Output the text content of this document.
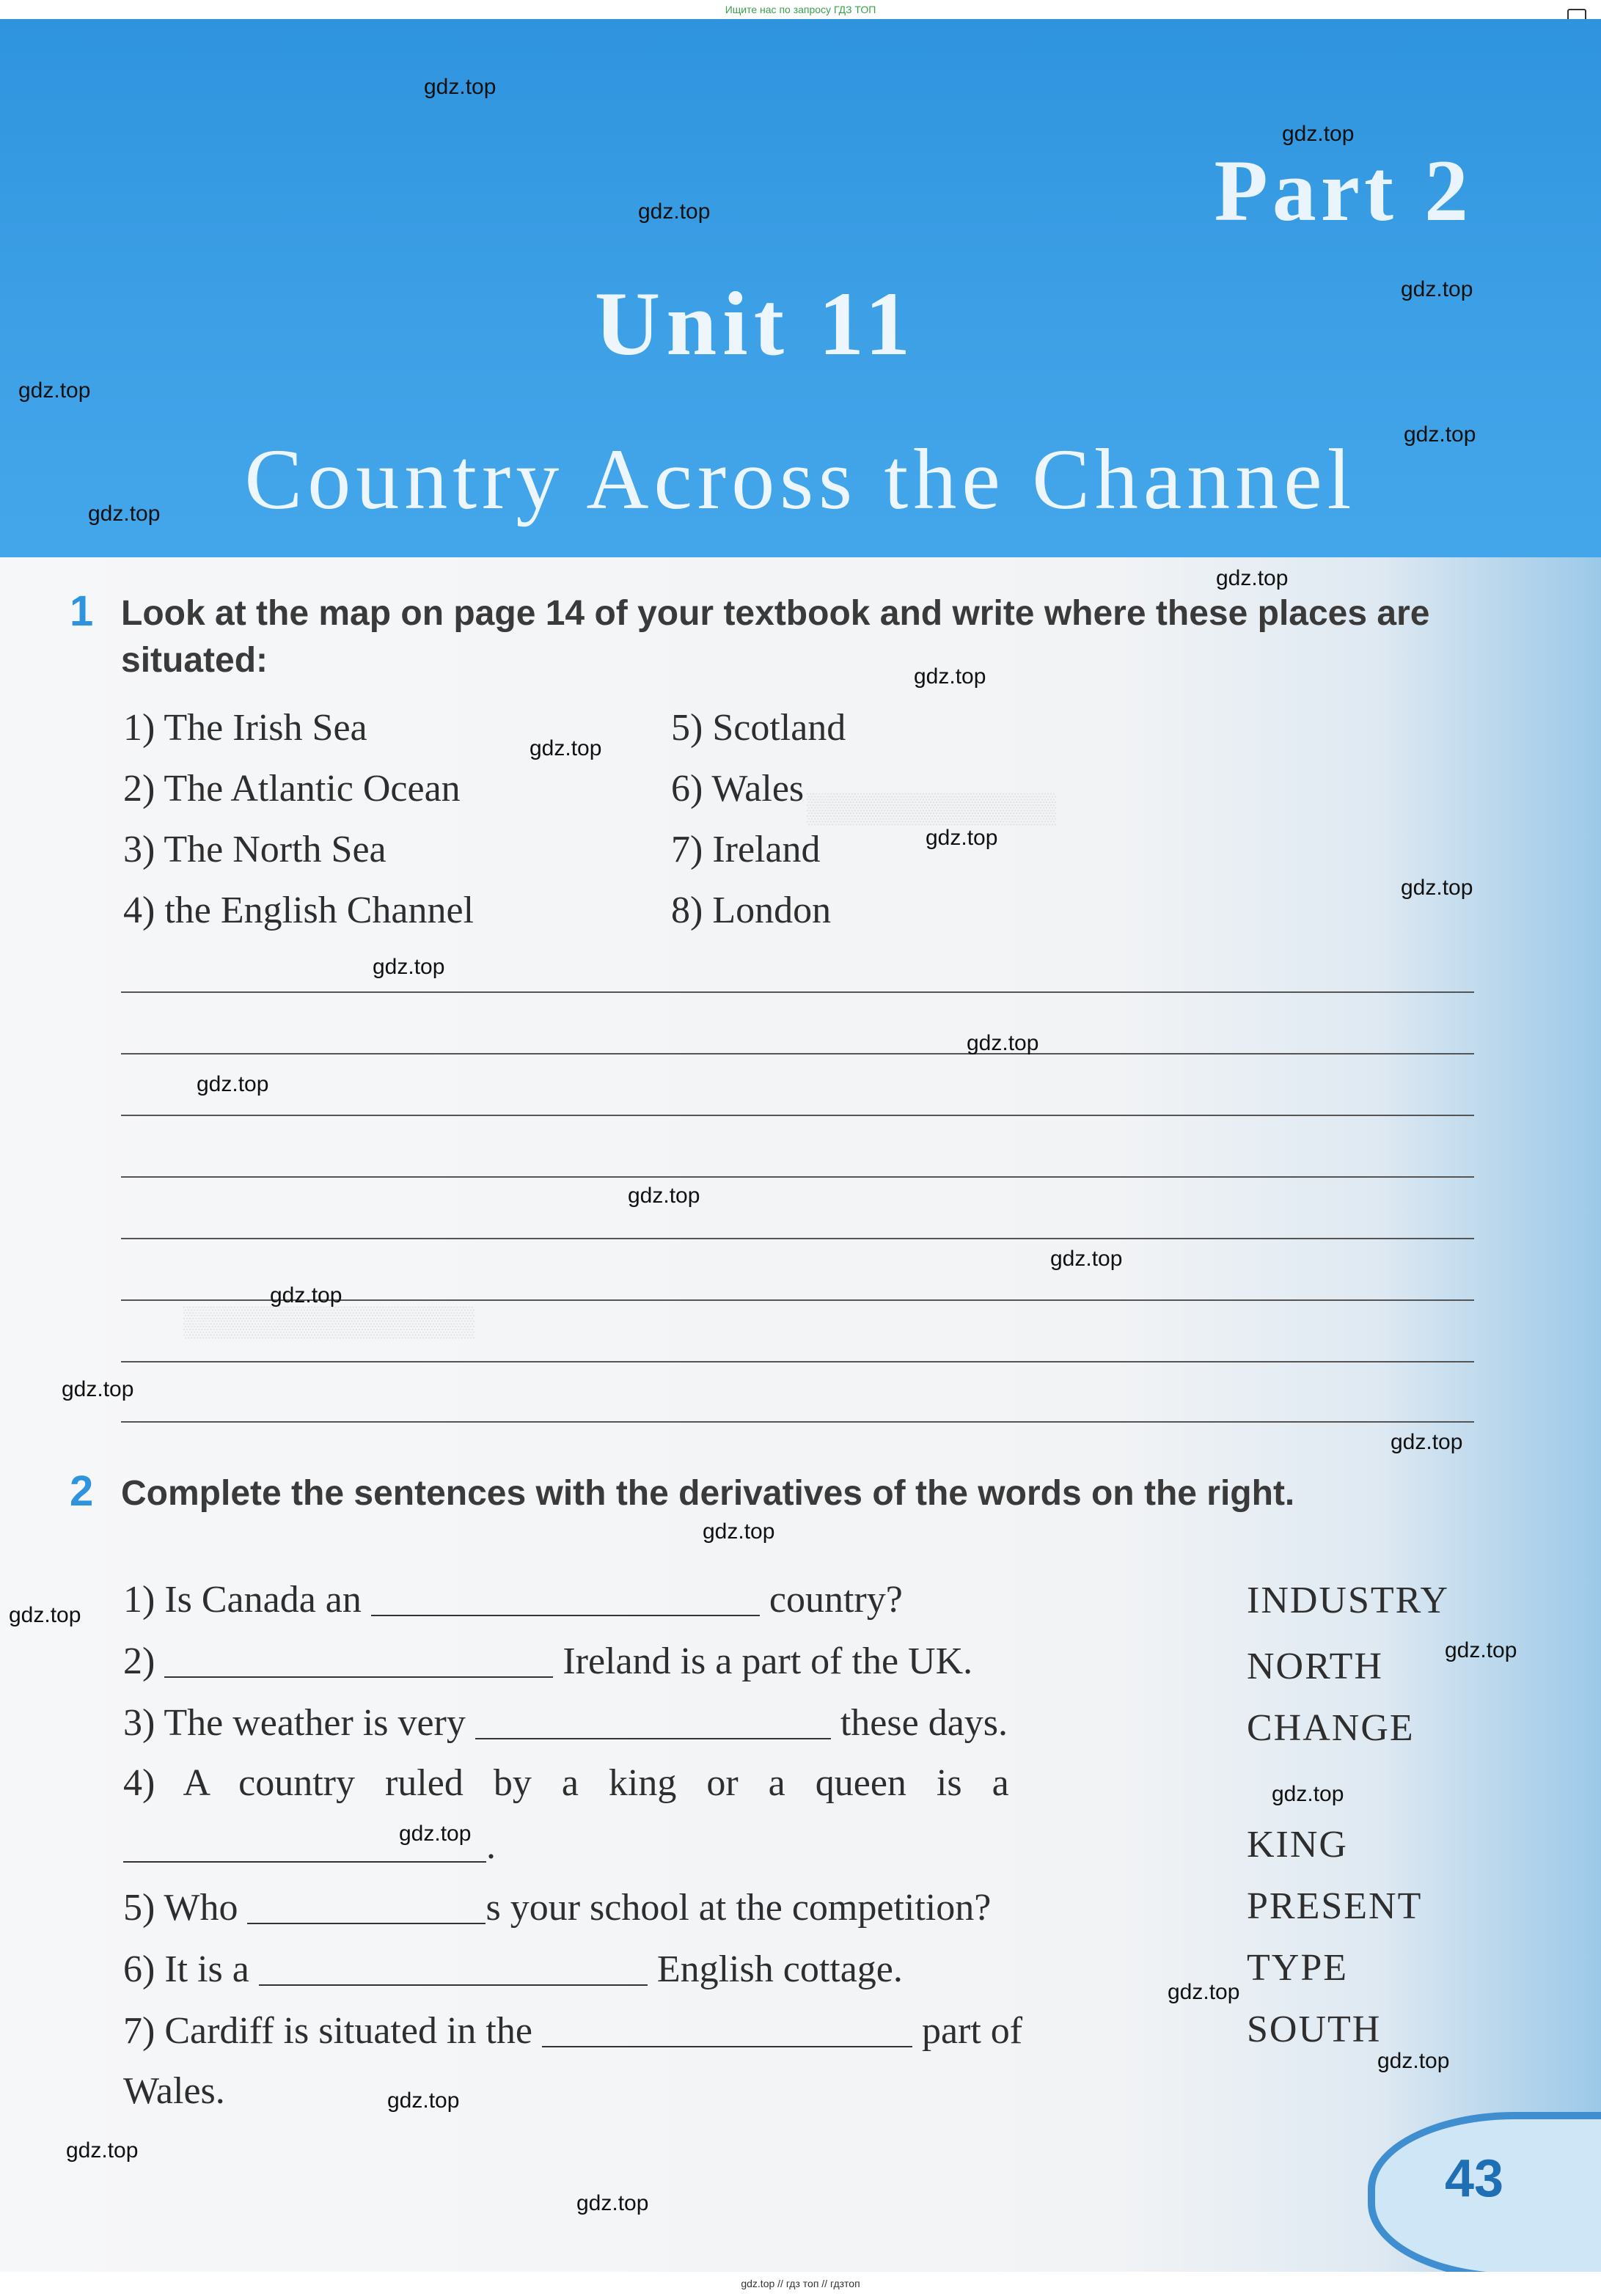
Ищите нас по запросу ГДЗ ТОП
Part 2
Unit 11
Country Across the Channel
▒▒▒▒▒▒▒▒▒▒▒▒
▒▒▒▒▒▒▒▒▒▒▒▒▒▒
1 Look at the map on page 14 of your textbook and write where these places are situated:
1) The Irish Sea
2) The Atlantic Ocean
3) The North Sea
4) the English Channel
5) Scotland
6) Wales
7) Ireland
8) London
2 Complete the sentences with the derivatives of the words on the right.
1) Is Canada an	country?
2)	Ireland is a part of the UK.
3) The weather is very	these days.
4) A country ruled by a king or a queen is a
.
5) Who	s your school at the competition?
6) It is a	English cottage.
7) Cardiff is situated in the	part of
Wales.
INDUSTRY
NORTH
CHANGE
KING
PRESENT
TYPE
SOUTH
43
gdz.top
gdz.top
gdz.top
gdz.top
gdz.top
gdz.top
gdz.top
gdz.top
gdz.top
gdz.top
gdz.top
gdz.top
gdz.top
gdz.top
gdz.top
gdz.top
gdz.top
gdz.top
gdz.top
gdz.top
gdz.top
gdz.top
gdz.top
gdz.top
gdz.top
gdz.top
gdz.top
gdz.top
gdz.top
gdz.top
gdz.top // гдз топ // гдзтоп
